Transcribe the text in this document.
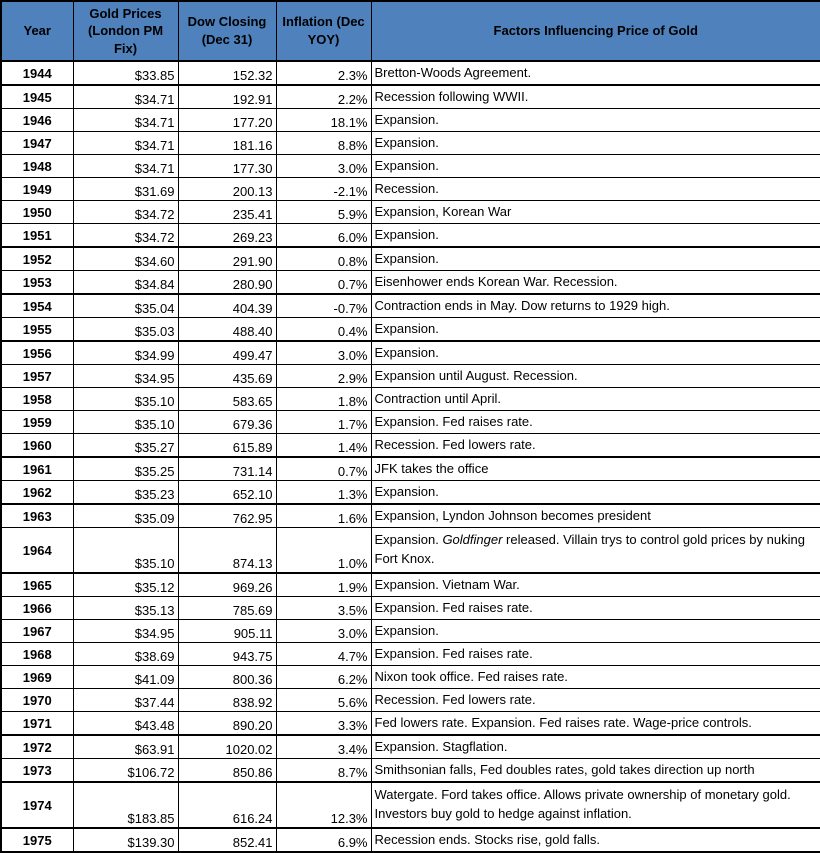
Year	Gold Prices (London PM Fix)	Dow Closing (Dec 31)	Inflation (Dec YOY)	Factors Influencing Price of Gold
1944	$33.85	152.32	2.3%	Bretton-Woods Agreement.
1945	$34.71	192.91	2.2%	Recession following WWII.
1946	$34.71	177.20	18.1%	Expansion.
1947	$34.71	181.16	8.8%	Expansion.
1948	$34.71	177.30	3.0%	Expansion.
1949	$31.69	200.13	-2.1%	Recession.
1950	$34.72	235.41	5.9%	Expansion, Korean War
1951	$34.72	269.23	6.0%	Expansion.
1952	$34.60	291.90	0.8%	Expansion.
1953	$34.84	280.90	0.7%	Eisenhower ends Korean War. Recession.
1954	$35.04	404.39	-0.7%	Contraction ends in May. Dow returns to 1929 high.
1955	$35.03	488.40	0.4%	Expansion.
1956	$34.99	499.47	3.0%	Expansion.
1957	$34.95	435.69	2.9%	Expansion until August. Recession.
1958	$35.10	583.65	1.8%	Contraction until April.
1959	$35.10	679.36	1.7%	Expansion. Fed raises rate.
1960	$35.27	615.89	1.4%	Recession. Fed lowers rate.
1961	$35.25	731.14	0.7%	JFK takes the office
1962	$35.23	652.10	1.3%	Expansion.
1963	$35.09	762.95	1.6%	Expansion, Lyndon Johnson becomes president
1964	$35.10	874.13	1.0%	Expansion. Goldfinger released. Villain trys to control gold prices by nuking Fort Knox.
1965	$35.12	969.26	1.9%	Expansion. Vietnam War.
1966	$35.13	785.69	3.5%	Expansion. Fed raises rate.
1967	$34.95	905.11	3.0%	Expansion.
1968	$38.69	943.75	4.7%	Expansion. Fed raises rate.
1969	$41.09	800.36	6.2%	Nixon took office. Fed raises rate.
1970	$37.44	838.92	5.6%	Recession. Fed lowers rate.
1971	$43.48	890.20	3.3%	Fed lowers rate. Expansion. Fed raises rate. Wage-price controls.
1972	$63.91	1020.02	3.4%	Expansion. Stagflation.
1973	$106.72	850.86	8.7%	Smithsonian falls, Fed doubles rates, gold takes direction up north
1974	$183.85	616.24	12.3%	Watergate. Ford takes office. Allows private ownership of monetary gold. Investors buy gold to hedge against inflation.
1975	$139.30	852.41	6.9%	Recession ends. Stocks rise, gold falls.
